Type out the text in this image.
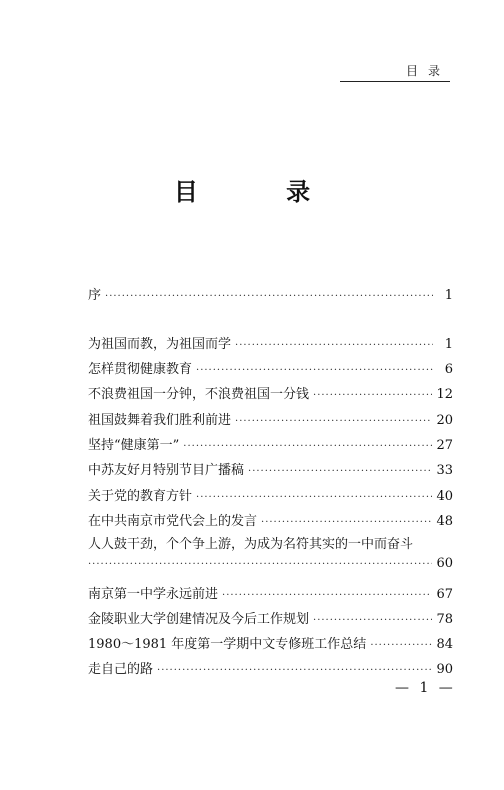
目录
目 录
序 ·····	1
为祖国而教，为祖国而学 ·····	1
怎样贯彻健康教育 ·····	6
不浪费祖国一分钟，不浪费祖国一分钱 ·····	12
祖国鼓舞着我们胜利前进 ·····	20
坚持“健康第一” ·····	27
中苏友好月特别节目广播稿 ·····	33
关于党的教育方针 ·····	40
在中共南京市党代会上的发言 ·····	48
人人鼓干劲，个个争上游，为成为名符其实的一中而奋斗
·····
60
南京第一中学永远前进 ·····	67
金陵职业大学创建情况及今后工作规划 ·····	78
1980～1981 年度第一学期中文专修班工作总结 ·····	84
走自己的路 ·····	90
— 1 —
